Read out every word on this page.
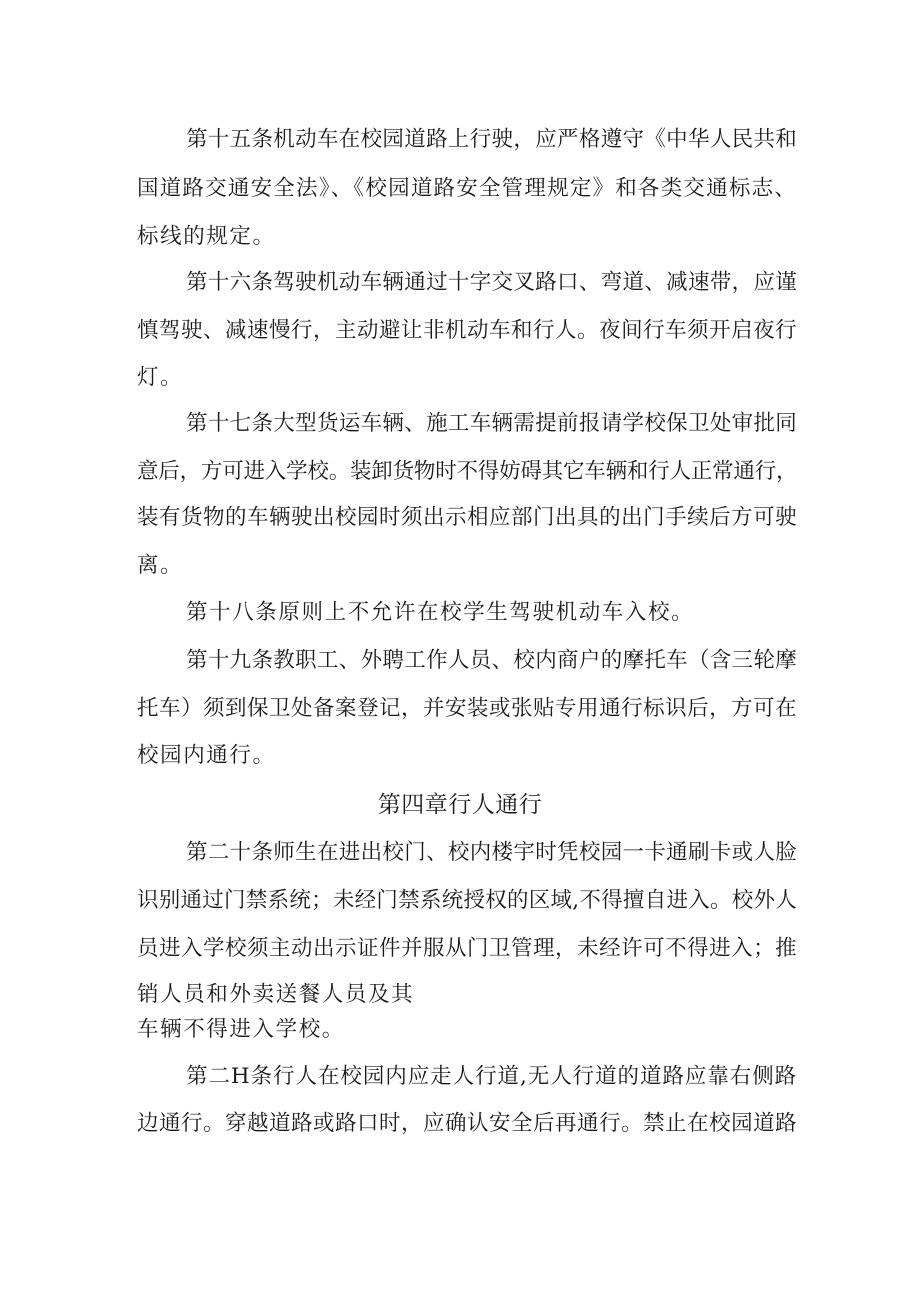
第十五条机动车在校园道路上行驶，应严格遵守《中华人民共和
国道路交通安全法》、《校园道路安全管理规定》和各类交通标志、
标线的规定。
第十六条驾驶机动车辆通过十字交叉路口、弯道、减速带，应谨
慎驾驶、减速慢行，主动避让非机动车和行人。夜间行车须开启夜行
灯。
第十七条大型货运车辆、施工车辆需提前报请学校保卫处审批同
意后，方可进入学校。装卸货物时不得妨碍其它车辆和行人正常通行，
装有货物的车辆驶出校园时须出示相应部门出具的出门手续后方可驶
离。
第十八条原则上不允许在校学生驾驶机动车入校。
第十九条教职工、外聘工作人员、校内商户的摩托车（含三轮摩
托车）须到保卫处备案登记，并安装或张贴专用通行标识后，方可在
校园内通行。
第四章行人通行
第二十条师生在进出校门、校内楼宇时凭校园一卡通刷卡或人脸
识别通过门禁系统；未经门禁系统授权的区域,不得擅自进入。校外人
员进入学校须主动出示证件并服从门卫管理，未经许可不得进入；推
销人员和外卖送餐人员及其
车辆不得进入学校。
第二H条行人在校园内应走人行道,无人行道的道路应靠右侧路
边通行。穿越道路或路口时，应确认安全后再通行。禁止在校园道路
